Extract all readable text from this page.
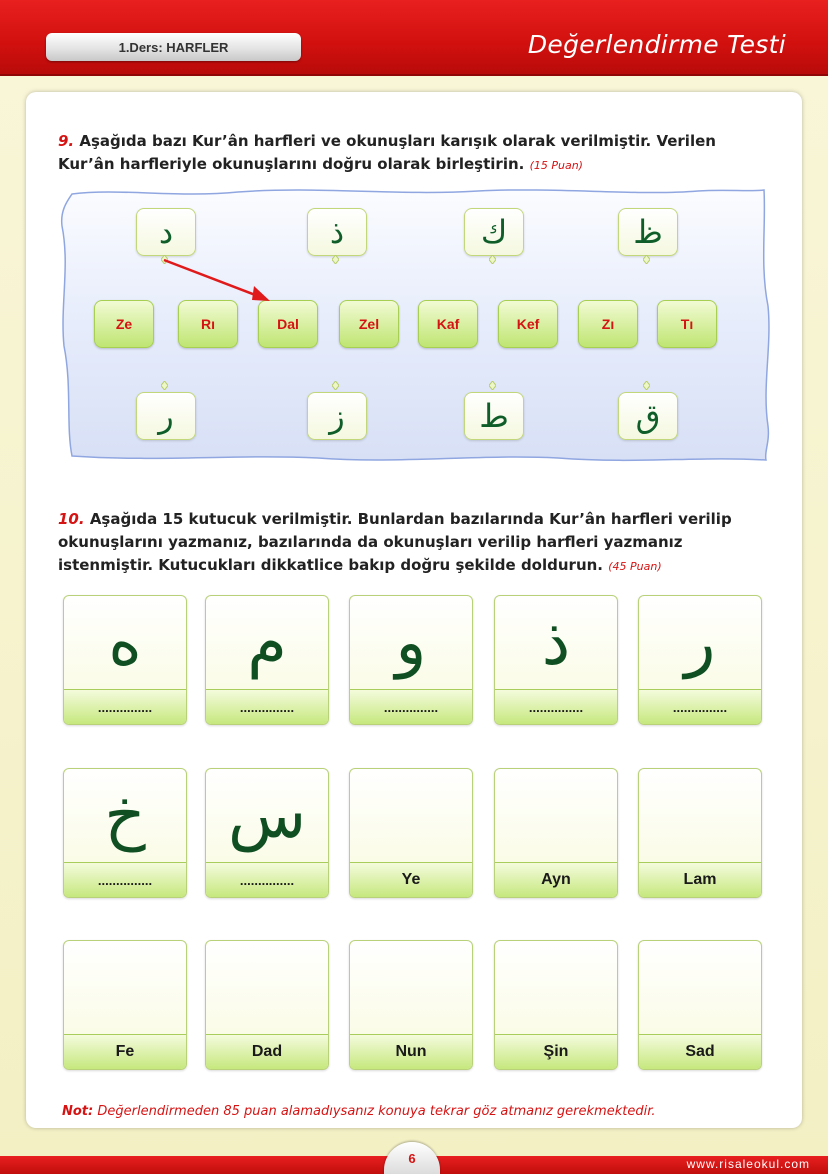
1.Ders: HARFLER	Değerlendirme Testi
9. Aşağıda bazı Kur’ân harfleri ve okunuşları karışık olarak verilmiştir. Verilen Kur’ân harfleriyle okunuşlarını doğru olarak birleştirin. (15 Puan)
د	ذ	ك	ظ
Ze	Rı	Dal	Zel	Kaf	Kef	Zı	Tı
ر	ز	ط	ق
10. Aşağıda 15 kutucuk verilmiştir. Bunlardan bazılarında Kur’ân harfleri verilip okunuşlarını yazmanız, bazılarında da okunuşları verilip harfleri yazmanız istenmiştir. Kutucukları dikkatlice bakıp doğru şekilde doldurun. (45 Puan)
ه
...............
م
...............
و
...............
ذ
...............
ر
...............
خ
...............
س
...............	Ye	Ayn	Lam
Fe	Dad	Nun	Şin	Sad
Not: Değerlendirmeden 85 puan alamadıysanız konuya tekrar göz atmanız gerekmektedir.
6	www.risaleokul.com
